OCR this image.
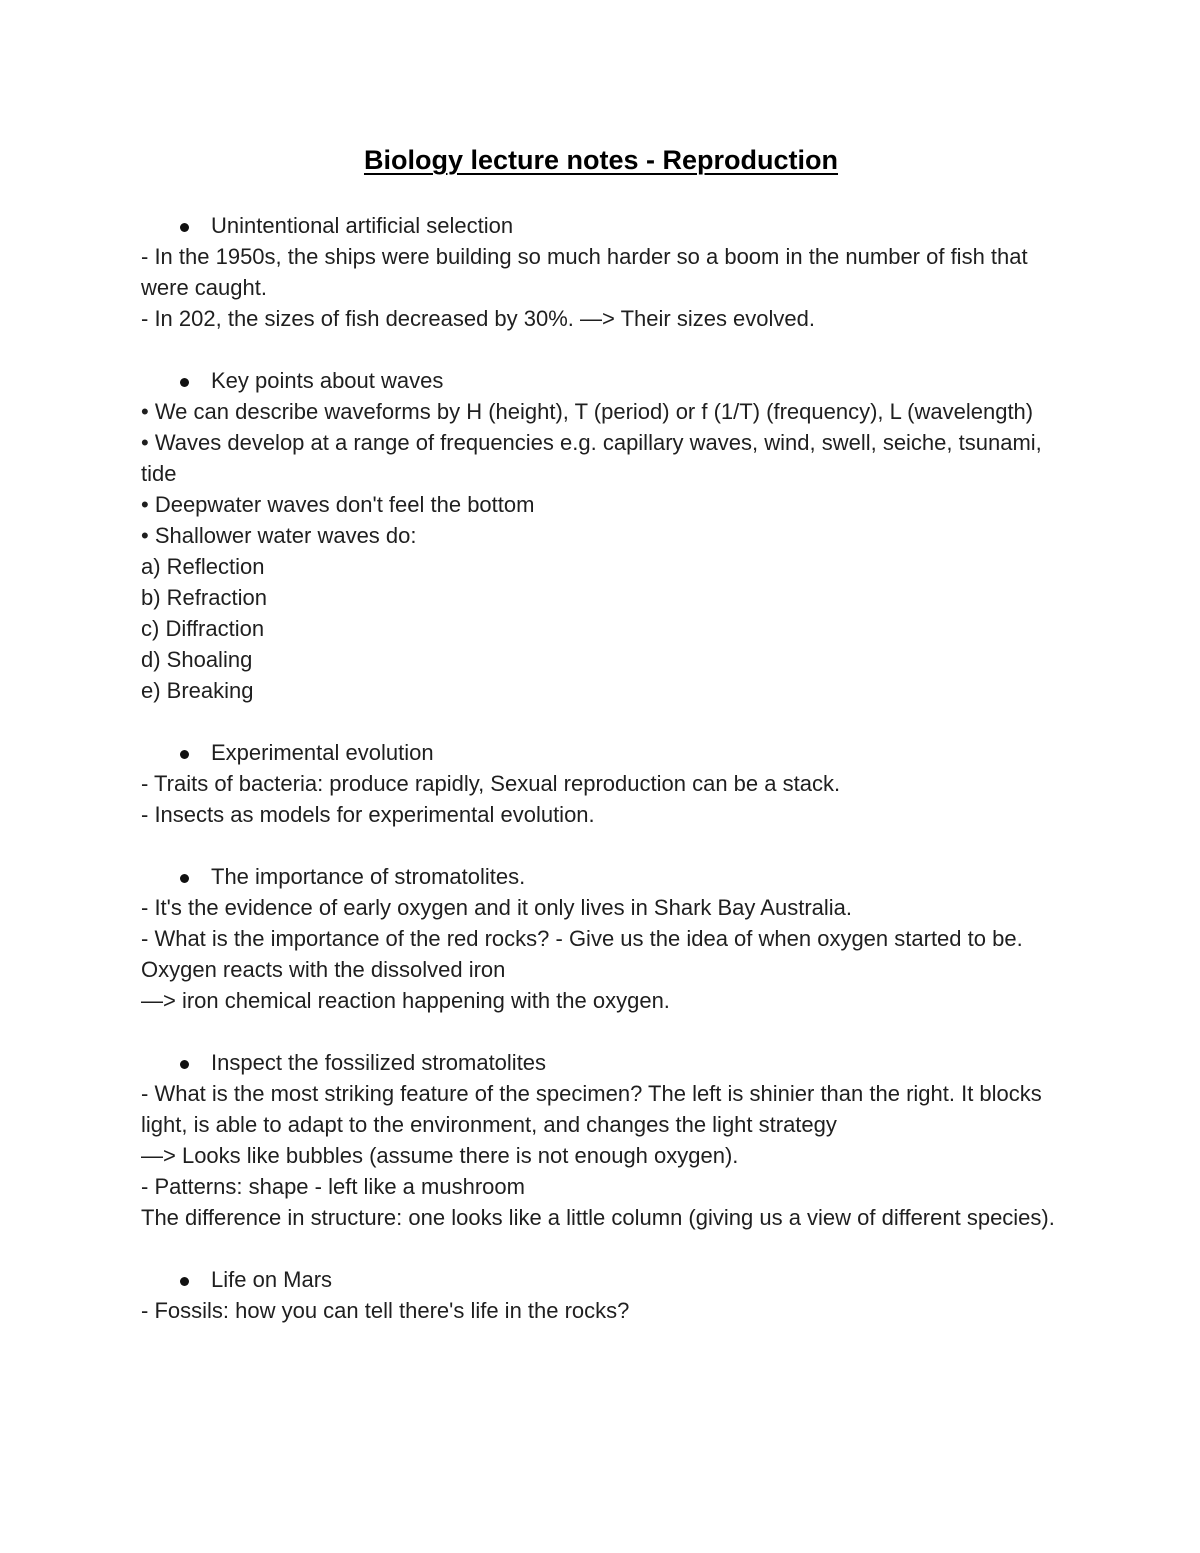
Biology lecture notes - Reproduction

Unintentional artificial selection

- In the 1950s, the ships were building so much harder so a boom in the number of fish that were caught.

- In 202, the sizes of fish decreased by 30%. —> Their sizes evolved.

Key points about waves

• We can describe waveforms by H (height), T (period) or f (1/T) (frequency), L (wavelength)

• Waves develop at a range of frequencies e.g. capillary waves, wind, swell, seiche, tsunami, tide

• Deepwater waves don't feel the bottom

• Shallower water waves do:

a) Reflection

b) Refraction

c) Diffraction

d) Shoaling

e) Breaking

Experimental evolution

- Traits of bacteria: produce rapidly, Sexual reproduction can be a stack.

- Insects as models for experimental evolution.

The importance of stromatolites.

- It's the evidence of early oxygen and it only lives in Shark Bay Australia.

- What is the importance of the red rocks? - Give us the idea of when oxygen started to be. Oxygen reacts with the dissolved iron

—> iron chemical reaction happening with the oxygen.

Inspect the fossilized stromatolites

- What is the most striking feature of the specimen? The left is shinier than the right. It blocks light, is able to adapt to the environment, and changes the light strategy

—> Looks like bubbles (assume there is not enough oxygen).

- Patterns: shape - left like a mushroom

The difference in structure: one looks like a little column (giving us a view of different species).

Life on Mars

- Fossils: how you can tell there's life in the rocks?
